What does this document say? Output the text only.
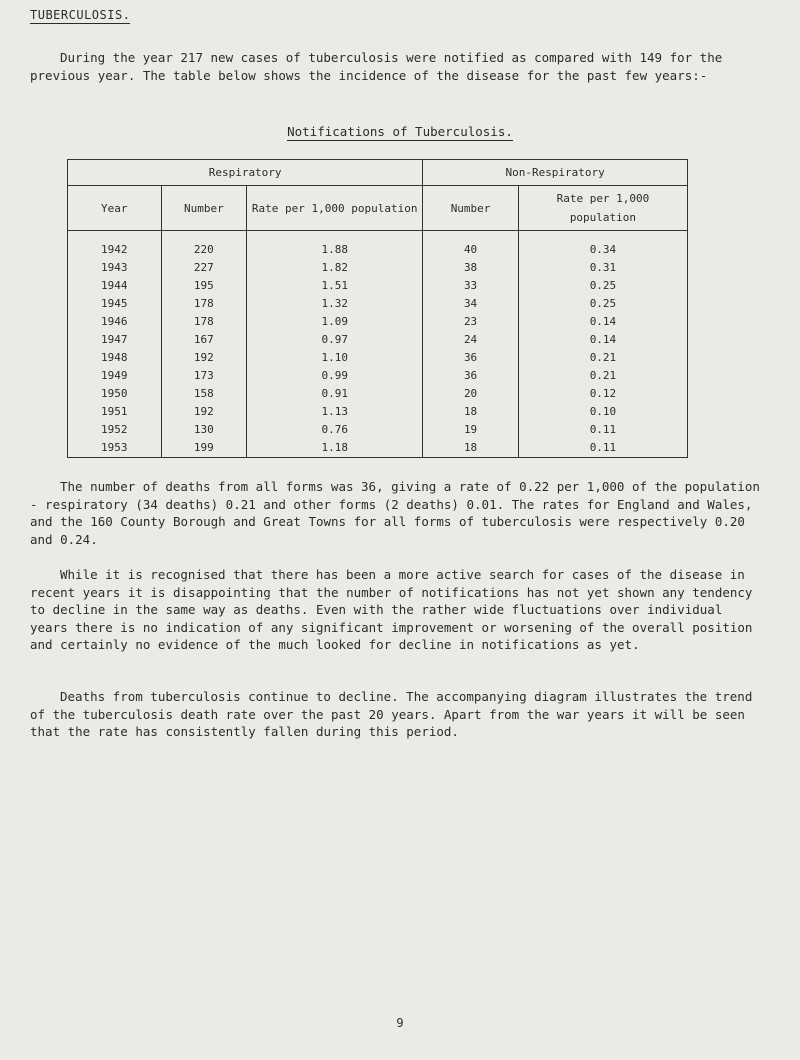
TUBERCULOSIS.

During the year 217 new cases of tuberculosis were notified as compared with 149 for the previous year. The table below shows the incidence of the disease for the past few years:-

Notifications of Tuberculosis.
Respiratory			Non-Respiratory	
Year	Number	Rate per 1,000 population	Number	Rate per 1,000 population

1942	220	1.88	40	0.34
1943	227	1.82	38	0.31
1944	195	1.51	33	0.25
1945	178	1.32	34	0.25
1946	178	1.09	23	0.14
1947	167	0.97	24	0.14
1948	192	1.10	36	0.21
1949	173	0.99	36	0.21
1950	158	0.91	20	0.12
1951	192	1.13	18	0.10
1952	130	0.76	19	0.11
1953	199	1.18	18	0.11

The number of deaths from all forms was 36, giving a rate of 0.22 per 1,000 of the population - respiratory (34 deaths) 0.21 and other forms (2 deaths) 0.01. The rates for England and Wales, and the 160 County Borough and Great Towns for all forms of tuberculosis were respectively 0.20 and 0.24.

While it is recognised that there has been a more active search for cases of the disease in recent years it is disappointing that the number of notifications has not yet shown any tendency to decline in the same way as deaths. Even with the rather wide fluctuations over individual years there is no indication of any significant improvement or worsening of the overall position and certainly no evidence of the much looked for decline in notifications as yet.

Deaths from tuberculosis continue to decline. The accompanying diagram illustrates the trend of the tuberculosis death rate over the past 20 years. Apart from the war years it will be seen that the rate has consistently fallen during this period.

9
